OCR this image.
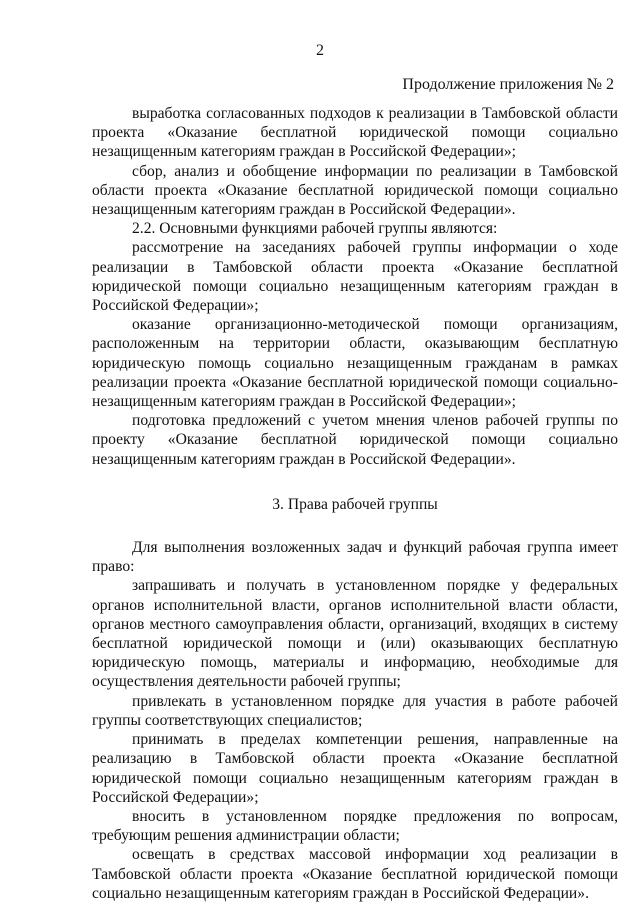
2
Продолжение приложения № 2

выработка согласованных подходов к реализации в Тамбовской области проекта «Оказание бесплатной юридической помощи социально незащищенным категориям граждан в Российской Федерации»;

сбор, анализ и обобщение информации по реализации в Тамбовской области проекта «Оказание бесплатной юридической помощи социально незащищенным категориям граждан в Российской Федерации».

2.2. Основными функциями рабочей группы являются:

рассмотрение на заседаниях рабочей группы информации о ходе реализации в Тамбовской области проекта «Оказание бесплатной юридической помощи социально незащищенным категориям граждан в Российской Федерации»;

оказание организационно-методической помощи организациям, расположенным на территории области, оказывающим бесплатную юридическую помощь социально незащищенным гражданам в рамках реализации проекта «Оказание бесплатной юридической помощи социально-незащищенным категориям граждан в Российской Федерации»;

подготовка предложений с учетом мнения членов рабочей группы по проекту «Оказание бесплатной юридической помощи социально незащищенным категориям граждан в Российской Федерации».

3. Права рабочей группы

Для выполнения возложенных задач и функций рабочая группа имеет право:

запрашивать и получать в установленном порядке у федеральных органов исполнительной власти, органов исполнительной власти области, органов местного самоуправления области, организаций, входящих в систему бесплатной юридической помощи и (или) оказывающих бесплатную юридическую помощь, материалы и информацию, необходимые для осуществления деятельности рабочей группы;

привлекать в установленном порядке для участия в работе рабочей группы соответствующих специалистов;

принимать в пределах компетенции решения, направленные на реализацию в Тамбовской области проекта «Оказание бесплатной юридической помощи социально незащищенным категориям граждан в Российской Федерации»;

вносить в установленном порядке предложения по вопросам, требующим решения администрации области;

освещать в средствах массовой информации ход реализации в Тамбовской области проекта «Оказание бесплатной юридической помощи социально незащищенным категориям граждан в Российской Федерации».
